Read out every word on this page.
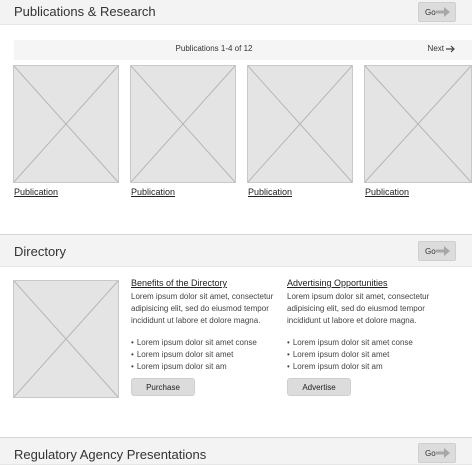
Publications & Research	Go
Publications 1-4 of 12	Next
Publication	Publication	Publication	Publication
Directory	Go
Benefits of the Directory
Lorem ipsum dolor sit amet, consectetur adipisicing elit, sed do eiusmod tempor incididunt ut labore et dolore magna.
• Lorem ipsum dolor sit amet conse
• Lorem ipsum dolor sit amet
• Lorem ipsum dolor sit am
Purchase
Advertising Opportunities
Lorem ipsum dolor sit amet, consectetur adipisicing elit, sed do eiusmod tempor incididunt ut labore et dolore magna.
• Lorem ipsum dolor sit amet conse
• Lorem ipsum dolor sit amet
• Lorem ipsum dolor sit am
Advertise
Regulatory Agency Presentations	Go
